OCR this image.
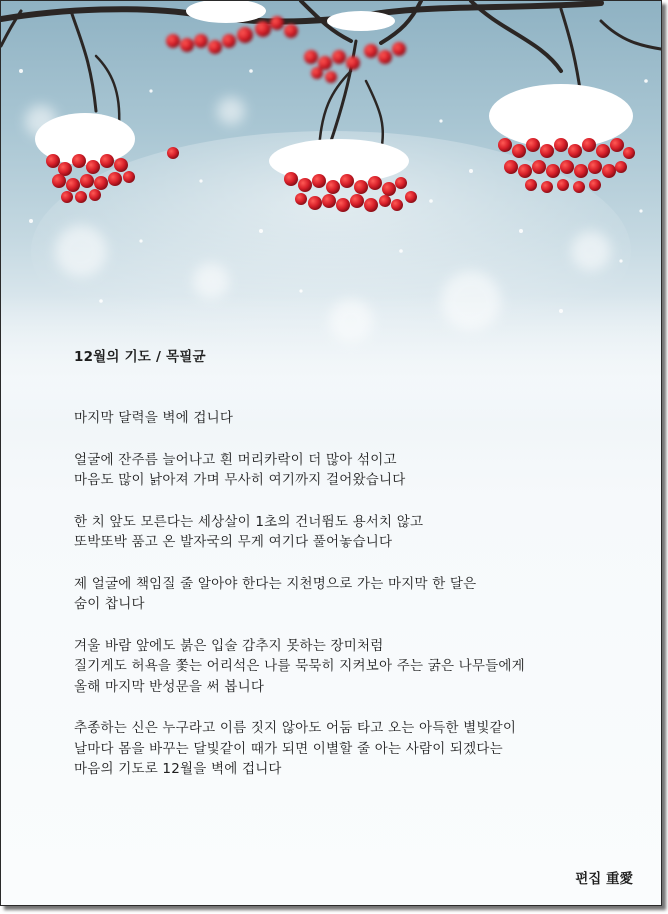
12월의 기도 / 목필균
마지막 달력을 벽에 겁니다
얼굴에 잔주름 늘어나고 흰 머리카락이 더 많아 섞이고
마음도 많이 낡아져 가며 무사히 여기까지 걸어왔습니다
한 치 앞도 모른다는 세상살이 1초의 건너뜀도 용서치 않고
또박또박 품고 온 발자국의 무게 여기다 풀어놓습니다
제 얼굴에 책임질 줄 알아야 한다는 지천명으로 가는 마지막 한 달은
숨이 찹니다
겨울 바람 앞에도 붉은 입술 감추지 못하는 장미처럼
질기게도 허욕을 쫓는 어리석은 나를 묵묵히 지켜보아 주는 굵은 나무들에게
올해 마지막 반성문을 써 봅니다
추종하는 신은 누구라고 이름 짓지 않아도 어둠 타고 오는 아득한 별빛같이
날마다 몸을 바꾸는 달빛같이 때가 되면 이별할 줄 아는 사람이 되겠다는
마음의 기도로 12월을 벽에 겁니다
편집 重愛
